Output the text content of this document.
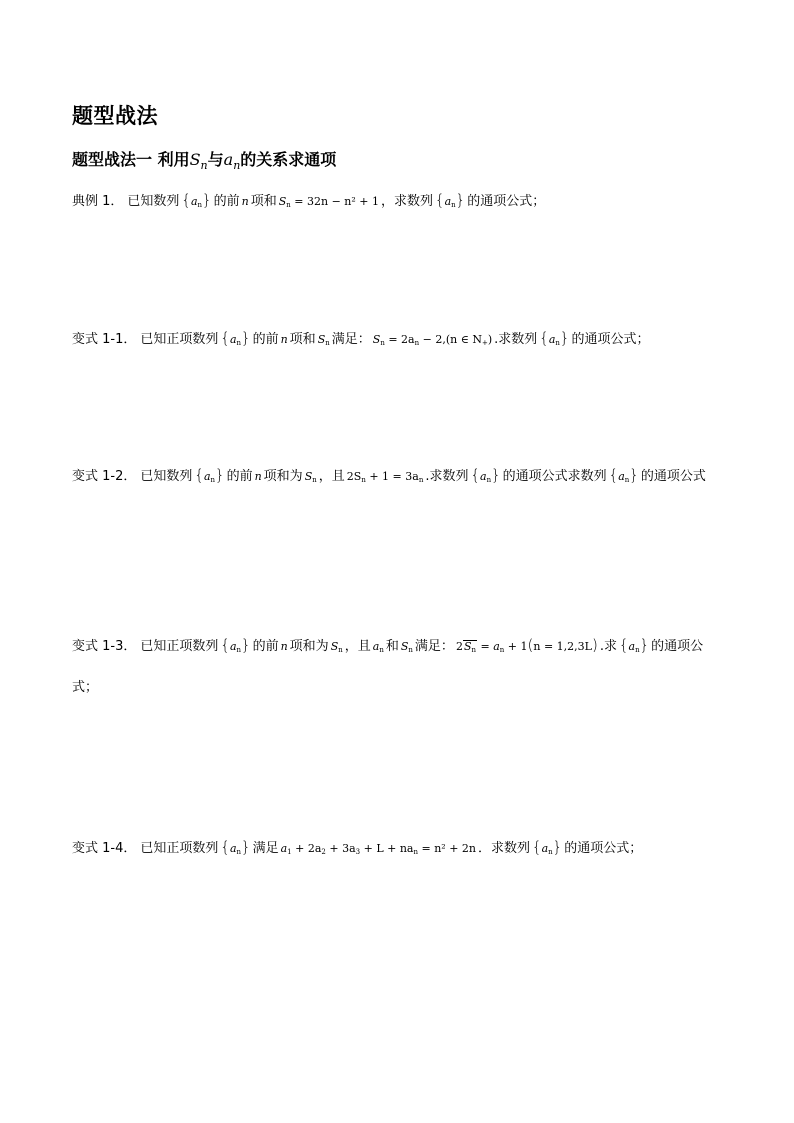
题型战法
题型战法一 利用$S_n$与$a_n$的关系求通项
典例 1． 已知数列 $\{a_n\}$ 的前 n 项和 $S_n = 32n - n^2 + 1$ ，求数列 $\{a_n\}$ 的通项公式；
变式 1-1． 已知正项数列 $\{a_n\}$ 的前 n 项和 $S_n$ 满足： $S_n = 2a_n - 2,(n$ ∈ $N_+$) .求数列 $\{a_n\}$ 的通项公式；
变式 1-2． 已知数列 $\{a_n\}$ 的前 n 项和为 $S_n$ ，且 $2S_n + 1 = 3a_n$ .求数列 $\{a_n\}$ 的通项公式求数列 $\{a_n\}$ 的通项公式
变式 1-3． 已知正项数列 $\{a_n\}$ 的前 n 项和为 $S_n$ ，且 $a_n$ 和 $S_n$ 满足： $2S_n = a_n + 1(n = 1,2,3L)$ .求 $\{a_n\}$ 的通项公式；
变式 1-4． 已知正项数列 $\{a_n\}$ 满足 $a_1 + 2a_2 + 3a_3 + L + na_n = n^2 + 2n$ ．求数列 $\{a_n\}$ 的通项公式；
